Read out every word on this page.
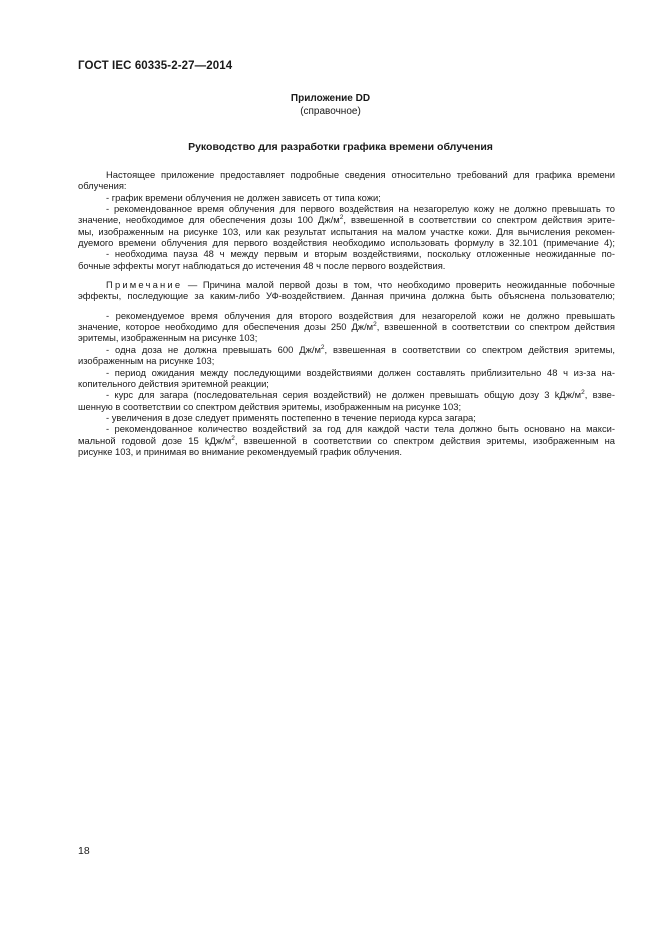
ГОСТ IEC 60335-2-27—2014
Приложение DD
(справочное)
Руководство для разработки графика времени облучения
Настоящее приложение предоставляет подробные сведения относительно требований для графика времени
облучения:
- график времени облучения не должен зависеть от типа кожи;
- рекомендованное время облучения для первого воздействия на незагорелую кожу не должно превышать то
значение, необходимое для обеспечения дозы 100 $Дж/м^2$, взвешенной в соответствии со спектром действия эрите-
мы, изображенным на рисунке 103, или как результат испытания на малом участке кожи. Для вычисления рекомен-
дуемого времени облучения для первого воздействия необходимо использовать формулу в 32.101 (примечание 4);
- необходима пауза 48 ч между первым и вторым воздействиями, поскольку отложенные неожиданные по-
бочные эффекты могут наблюдаться до истечения 48 ч после первого воздействия.
Примечание — Причина малой первой дозы в том, что необходимо проверить неожиданные побочные
эффекты, последующие за каким-либо УФ-воздействием. Данная причина должна быть объяснена пользователю;
- рекомендуемое время облучения для второго воздействия для незагорелой кожи не должно превышать
значение, которое необходимо для обеспечения дозы 250 $Дж/м^2$, взвешенной в соответствии со спектром действия
эритемы, изображенным на рисунке 103;
- одна доза не должна превышать 600 $Дж/м^2$, взвешенная в соответствии со спектром действия эритемы,
изображенным на рисунке 103;
- период ожидания между последующими воздействиями должен составлять приблизительно 48 ч из-за на-
копительного действия эритемной реакции;
- курс для загара (последовательная серия воздействий) не должен превышать общую дозу 3 kДж/$м^2$, взве-
шенную в соответствии со спектром действия эритемы, изображенным на рисунке 103;
- увеличения в дозе следует применять постепенно в течение периода курса загара;
- рекомендованное количество воздействий за год для каждой части тела должно быть основано на макси-
мальной годовой дозе 15 kДж/$м^2$, взвешенной в соответствии со спектром действия эритемы, изображенным на
рисунке 103, и принимая во внимание рекомендуемый график облучения.
18
